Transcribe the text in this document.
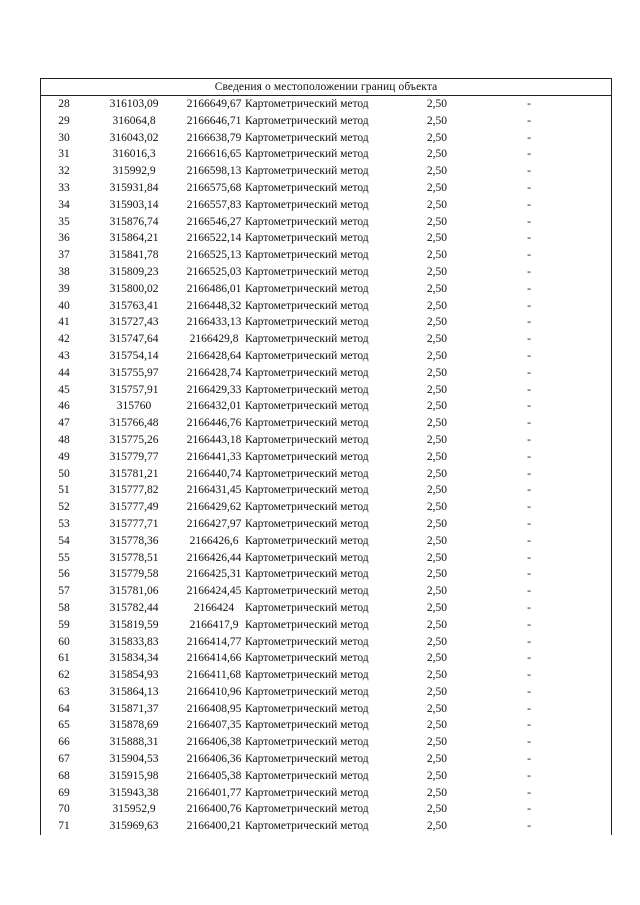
Сведения о местоположении границ объекта
28	316103,09	2166649,67 Картометрический метод	2,50	-
29	316064,8	2166646,71 Картометрический метод	2,50	-
30	316043,02	2166638,79 Картометрический метод	2,50	-
31	316016,3	2166616,65 Картометрический метод	2,50	-
32	315992,9	2166598,13 Картометрический метод	2,50	-
33	315931,84	2166575,68 Картометрический метод	2,50	-
34	315903,14	2166557,83 Картометрический метод	2,50	-
35	315876,74	2166546,27 Картометрический метод	2,50	-
36	315864,21	2166522,14 Картометрический метод	2,50	-
37	315841,78	2166525,13 Картометрический метод	2,50	-
38	315809,23	2166525,03 Картометрический метод	2,50	-
39	315800,02	2166486,01 Картометрический метод	2,50	-
40	315763,41	2166448,32 Картометрический метод	2,50	-
41	315727,43	2166433,13 Картометрический метод	2,50	-
42	315747,64	2166429,8 Картометрический метод	2,50	-
43	315754,14	2166428,64 Картометрический метод	2,50	-
44	315755,97	2166428,74 Картометрический метод	2,50	-
45	315757,91	2166429,33 Картометрический метод	2,50	-
46	315760	2166432,01 Картометрический метод	2,50	-
47	315766,48	2166446,76 Картометрический метод	2,50	-
48	315775,26	2166443,18 Картометрический метод	2,50	-
49	315779,77	2166441,33 Картометрический метод	2,50	-
50	315781,21	2166440,74 Картометрический метод	2,50	-
51	315777,82	2166431,45 Картометрический метод	2,50	-
52	315777,49	2166429,62 Картометрический метод	2,50	-
53	315777,71	2166427,97 Картометрический метод	2,50	-
54	315778,36	2166426,6 Картометрический метод	2,50	-
55	315778,51	2166426,44 Картометрический метод	2,50	-
56	315779,58	2166425,31 Картометрический метод	2,50	-
57	315781,06	2166424,45 Картометрический метод	2,50	-
58	315782,44	2166424 Картометрический метод	2,50	-
59	315819,59	2166417,9 Картометрический метод	2,50	-
60	315833,83	2166414,77 Картометрический метод	2,50	-
61	315834,34	2166414,66 Картометрический метод	2,50	-
62	315854,93	2166411,68 Картометрический метод	2,50	-
63	315864,13	2166410,96 Картометрический метод	2,50	-
64	315871,37	2166408,95 Картометрический метод	2,50	-
65	315878,69	2166407,35 Картометрический метод	2,50	-
66	315888,31	2166406,38 Картометрический метод	2,50	-
67	315904,53	2166406,36 Картометрический метод	2,50	-
68	315915,98	2166405,38 Картометрический метод	2,50	-
69	315943,38	2166401,77 Картометрический метод	2,50	-
70	315952,9	2166400,76 Картометрический метод	2,50	-
71	315969,63	2166400,21 Картометрический метод	2,50	-
